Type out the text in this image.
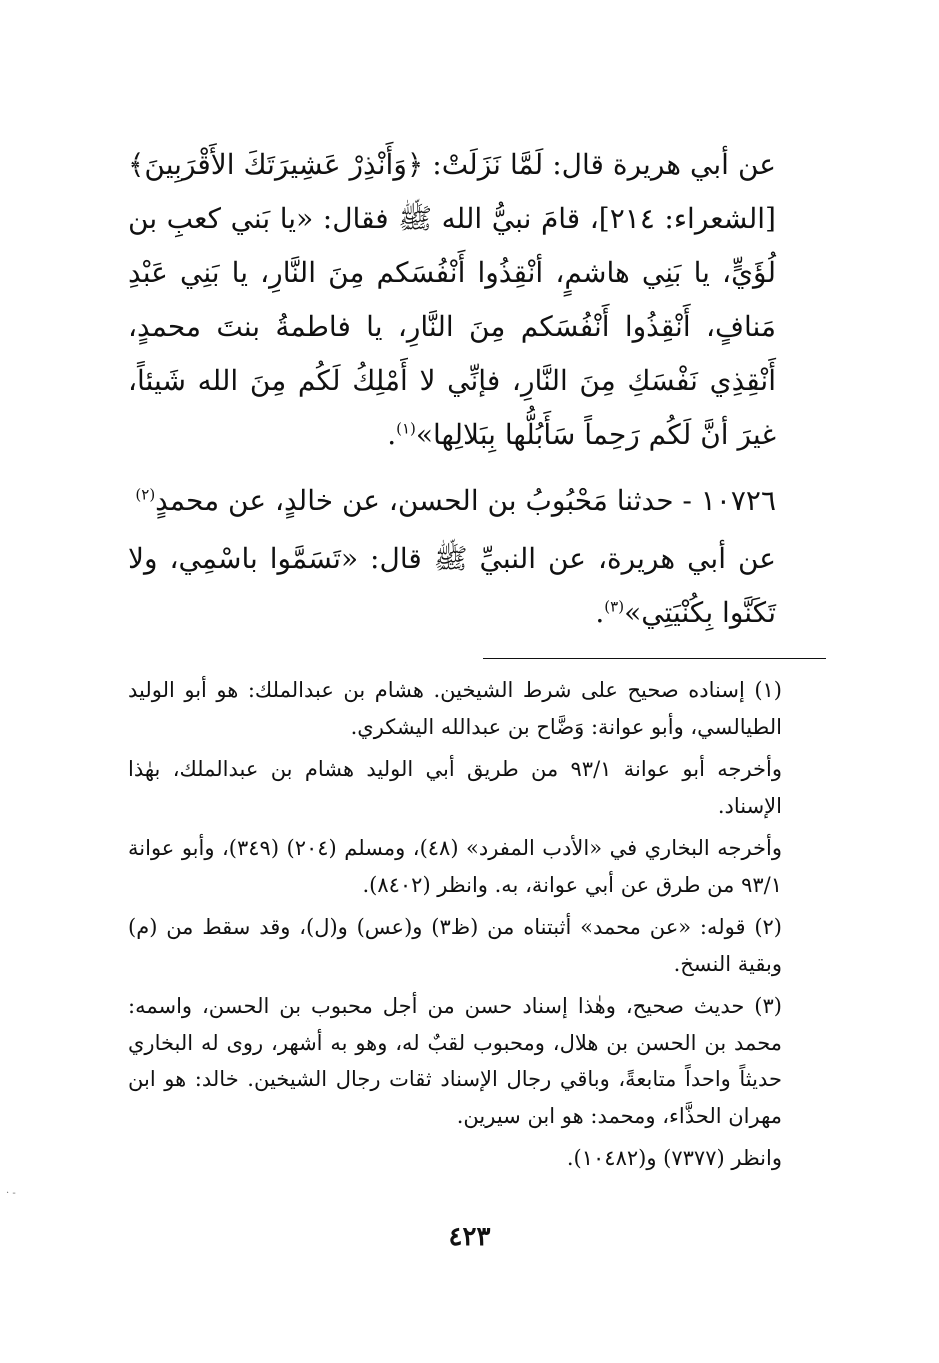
عن أبي هريرة قال: لَمَّا نَزَلَتْ: ﴿وَأَنْذِرْ عَشِيرَتَكَ الأَقْرَبِينَ﴾ [الشعراء: ٢١٤]، قامَ نبيُّ الله ﷺ فقال: «يا بَني كعبِ بن لُؤَيٍّ، يا بَنِي هاشمٍ، أنْقِذُوا أَنْفُسَكم مِنَ النَّارِ، يا بَنِي عَبْدِ مَنافٍ، أَنْقِذُوا أَنْفُسَكم مِنَ النَّارِ، يا فاطمةُ بنتَ محمدٍ، أَنْقِذِي نَفْسَكِ مِنَ النَّارِ، فإنِّي لا أَمْلِكُ لَكُم مِنَ الله شَيئاً، غيرَ أنَّ لَكُم رَحِماً سَأَبُلُّها بِبَلالِها»$^{(١)}$.

١٠٧٢٦ - حدثنا مَحْبُوبُ بن الحسن، عن خالدٍ، عن محمدٍ$^{(٢)}$

عن أبي هريرة، عن النبيِّ ﷺ قال: «تَسَمَّوا باسْمِي، ولا تَكَنَّوا بِكُنْيَتِي»$^{(٣)}$.

(١) إسناده صحيح على شرط الشيخين. هشام بن عبدالملك: هو أبو الوليد الطيالسي، وأبو عوانة: وَضَّاح بن عبدالله اليشكري.

وأخرجه أبو عوانة ٩٣/١ من طريق أبي الوليد هشام بن عبدالملك، بهٰذا الإسناد.

وأخرجه البخاري في «الأدب المفرد» (٤٨)، ومسلم (٢٠٤) (٣٤٩)، وأبو عوانة ٩٣/١ من طرق عن أبي عوانة، به. وانظر (٨٤٠٢).

(٢) قوله: «عن محمد» أثبتناه من (ظ٣) و(عس) و(ل)، وقد سقط من (م) وبقية النسخ.

(٣) حديث صحيح، وهٰذا إسناد حسن من أجل محبوب بن الحسن، واسمه: محمد بن الحسن بن هلال، ومحبوب لقبٌ له، وهو به أشهر، روى له البخاري حديثاً واحداً متابعةً، وباقي رجال الإسناد ثقات رجال الشيخين. خالد: هو ابن مهران الحذَّاء، ومحمد: هو ابن سيرين.

وانظر (٧٣٧٧) و(١٠٤٨٢).

٤٢٣
· -
